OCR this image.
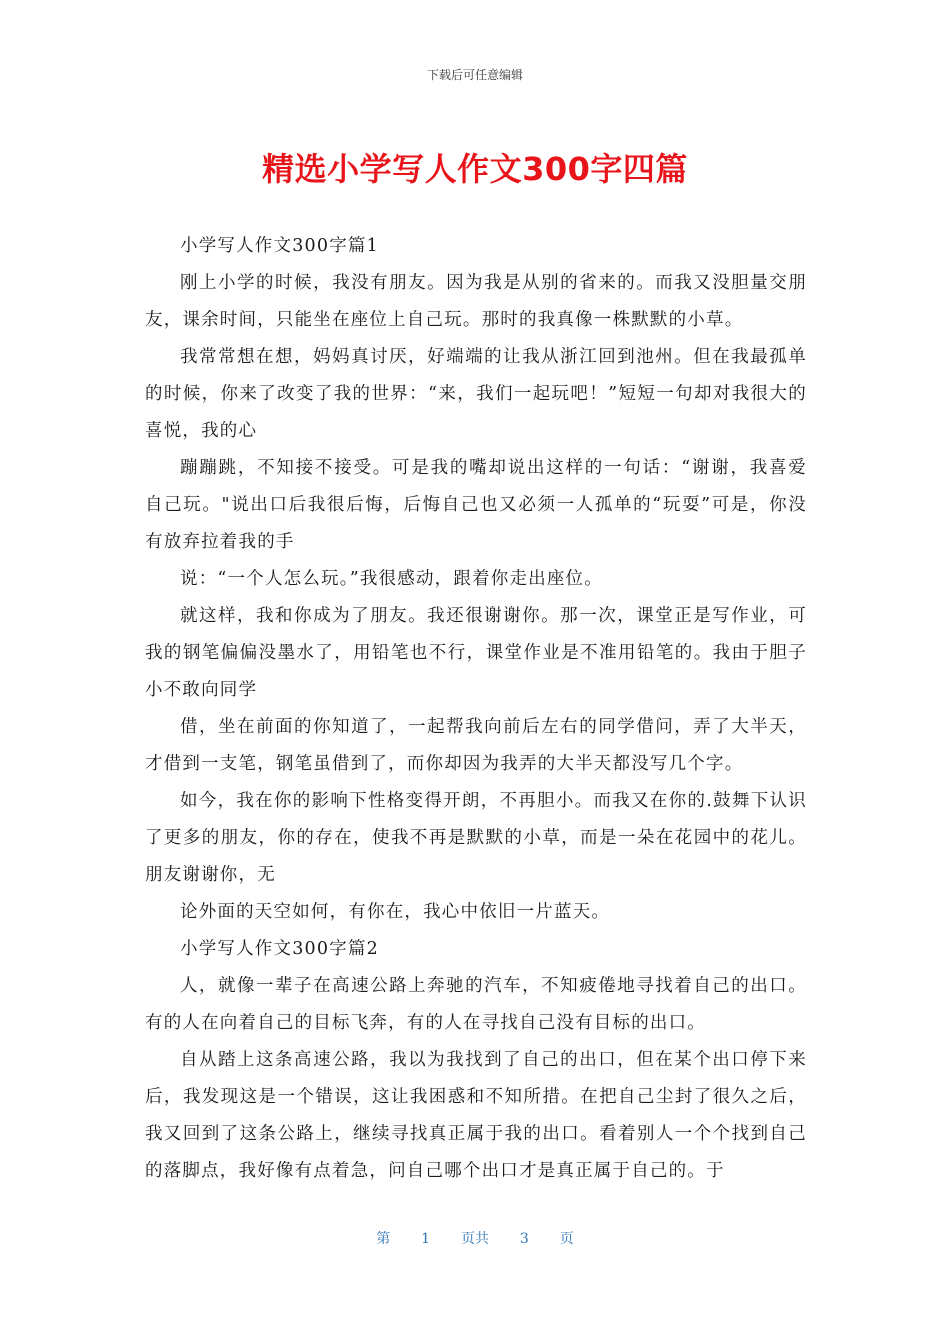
下载后可任意编辑
精选小学写人作文300字四篇

小学写人作文300字篇1

刚上小学的时候，我没有朋友。因为我是从别的省来的。而我又没胆量交朋友，课余时间，只能坐在座位上自己玩。那时的我真像一株默默的小草。

我常常想在想，妈妈真讨厌，好端端的让我从浙江回到池州。但在我最孤单的时候，你来了改变了我的世界：“来，我们一起玩吧！”短短一句却对我很大的喜悦，我的心

蹦蹦跳，不知接不接受。可是我的嘴却说出这样的一句话：“谢谢，我喜爱自己玩。"说出口后我很后悔，后悔自己也又必须一人孤单的“玩耍”可是，你没有放弃拉着我的手

说：“一个人怎么玩。”我很感动，跟着你走出座位。

就这样，我和你成为了朋友。我还很谢谢你。那一次，课堂正是写作业，可我的钢笔偏偏没墨水了，用铅笔也不行，课堂作业是不准用铅笔的。我由于胆子小不敢向同学

借，坐在前面的你知道了，一起帮我向前后左右的同学借问，弄了大半天，才借到一支笔，钢笔虽借到了，而你却因为我弄的大半天都没写几个字。

如今，我在你的影响下性格变得开朗，不再胆小。而我又在你的.鼓舞下认识了更多的朋友，你的存在，使我不再是默默的小草，而是一朵在花园中的花儿。朋友谢谢你，无

论外面的天空如何，有你在，我心中依旧一片蓝天。

小学写人作文300字篇2

人，就像一辈子在高速公路上奔驰的汽车，不知疲倦地寻找着自己的出口。有的人在向着自己的目标飞奔，有的人在寻找自己没有目标的出口。

自从踏上这条高速公路，我以为我找到了自己的出口，但在某个出口停下来后，我发现这是一个错误，这让我困惑和不知所措。在把自己尘封了很久之后，我又回到了这条公路上，继续寻找真正属于我的出口。看着别人一个个找到自己的落脚点，我好像有点着急，问自己哪个出口才是真正属于自己的。于

第 1 页共 3 页
